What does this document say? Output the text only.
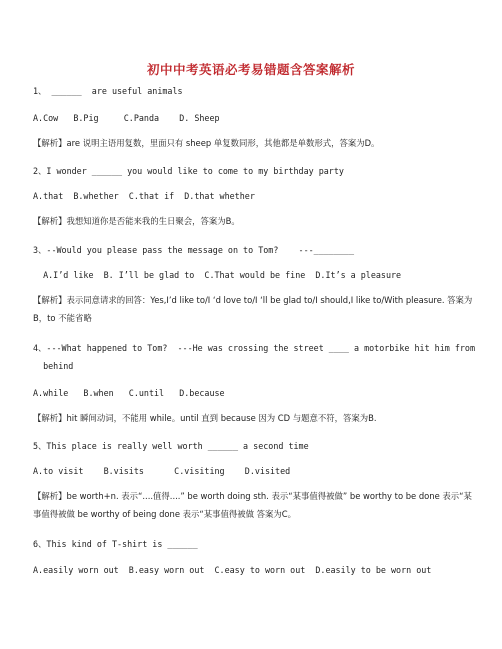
初中中考英语必考易错题含答案解析
1、 ______  are useful animals
A.Cow   B.Pig     C.Panda    D. Sheep
【解析】are 说明主语用复数，里面只有 sheep 单复数同形，其他都是单数形式，答案为D。
2、I wonder ______ you would like to come to my birthday party
A.that  B.whether  C.that if  D.that whether
【解析】我想知道你是否能来我的生日聚会，答案为B。
3、--Would you please pass the message on to Tom?    ---________
A.I’d like  B. I’ll be glad to  C.That would be fine  D.It’s a pleasure
【解析】表示同意请求的回答：Yes,I’d like to/I ‘d love to/I ‘ll be glad to/I should,I like to/With pleasure. 答案为B，to 不能省略
4、---What happened to Tom?  ---He was crossing the street ____ a motorbike hit him from
behind
A.while   B.when   C.until   D.because
【解析】hit 瞬间动词，不能用 while。until 直到 because 因为 CD 与题意不符，答案为B.
5、This place is really well worth ______ a second time
A.to visit    B.visits      C.visiting    D.visited
【解析】be worth+n. 表示“....值得....” be worth doing sth. 表示“某事值得被做” be worthy to be done 表示“某事值得被做 be worthy of being done 表示“某事值得被做 答案为C。
6、This kind of T-shirt is ______
A.easily worn out  B.easy worn out  C.easy to worn out  D.easily to be worn out
